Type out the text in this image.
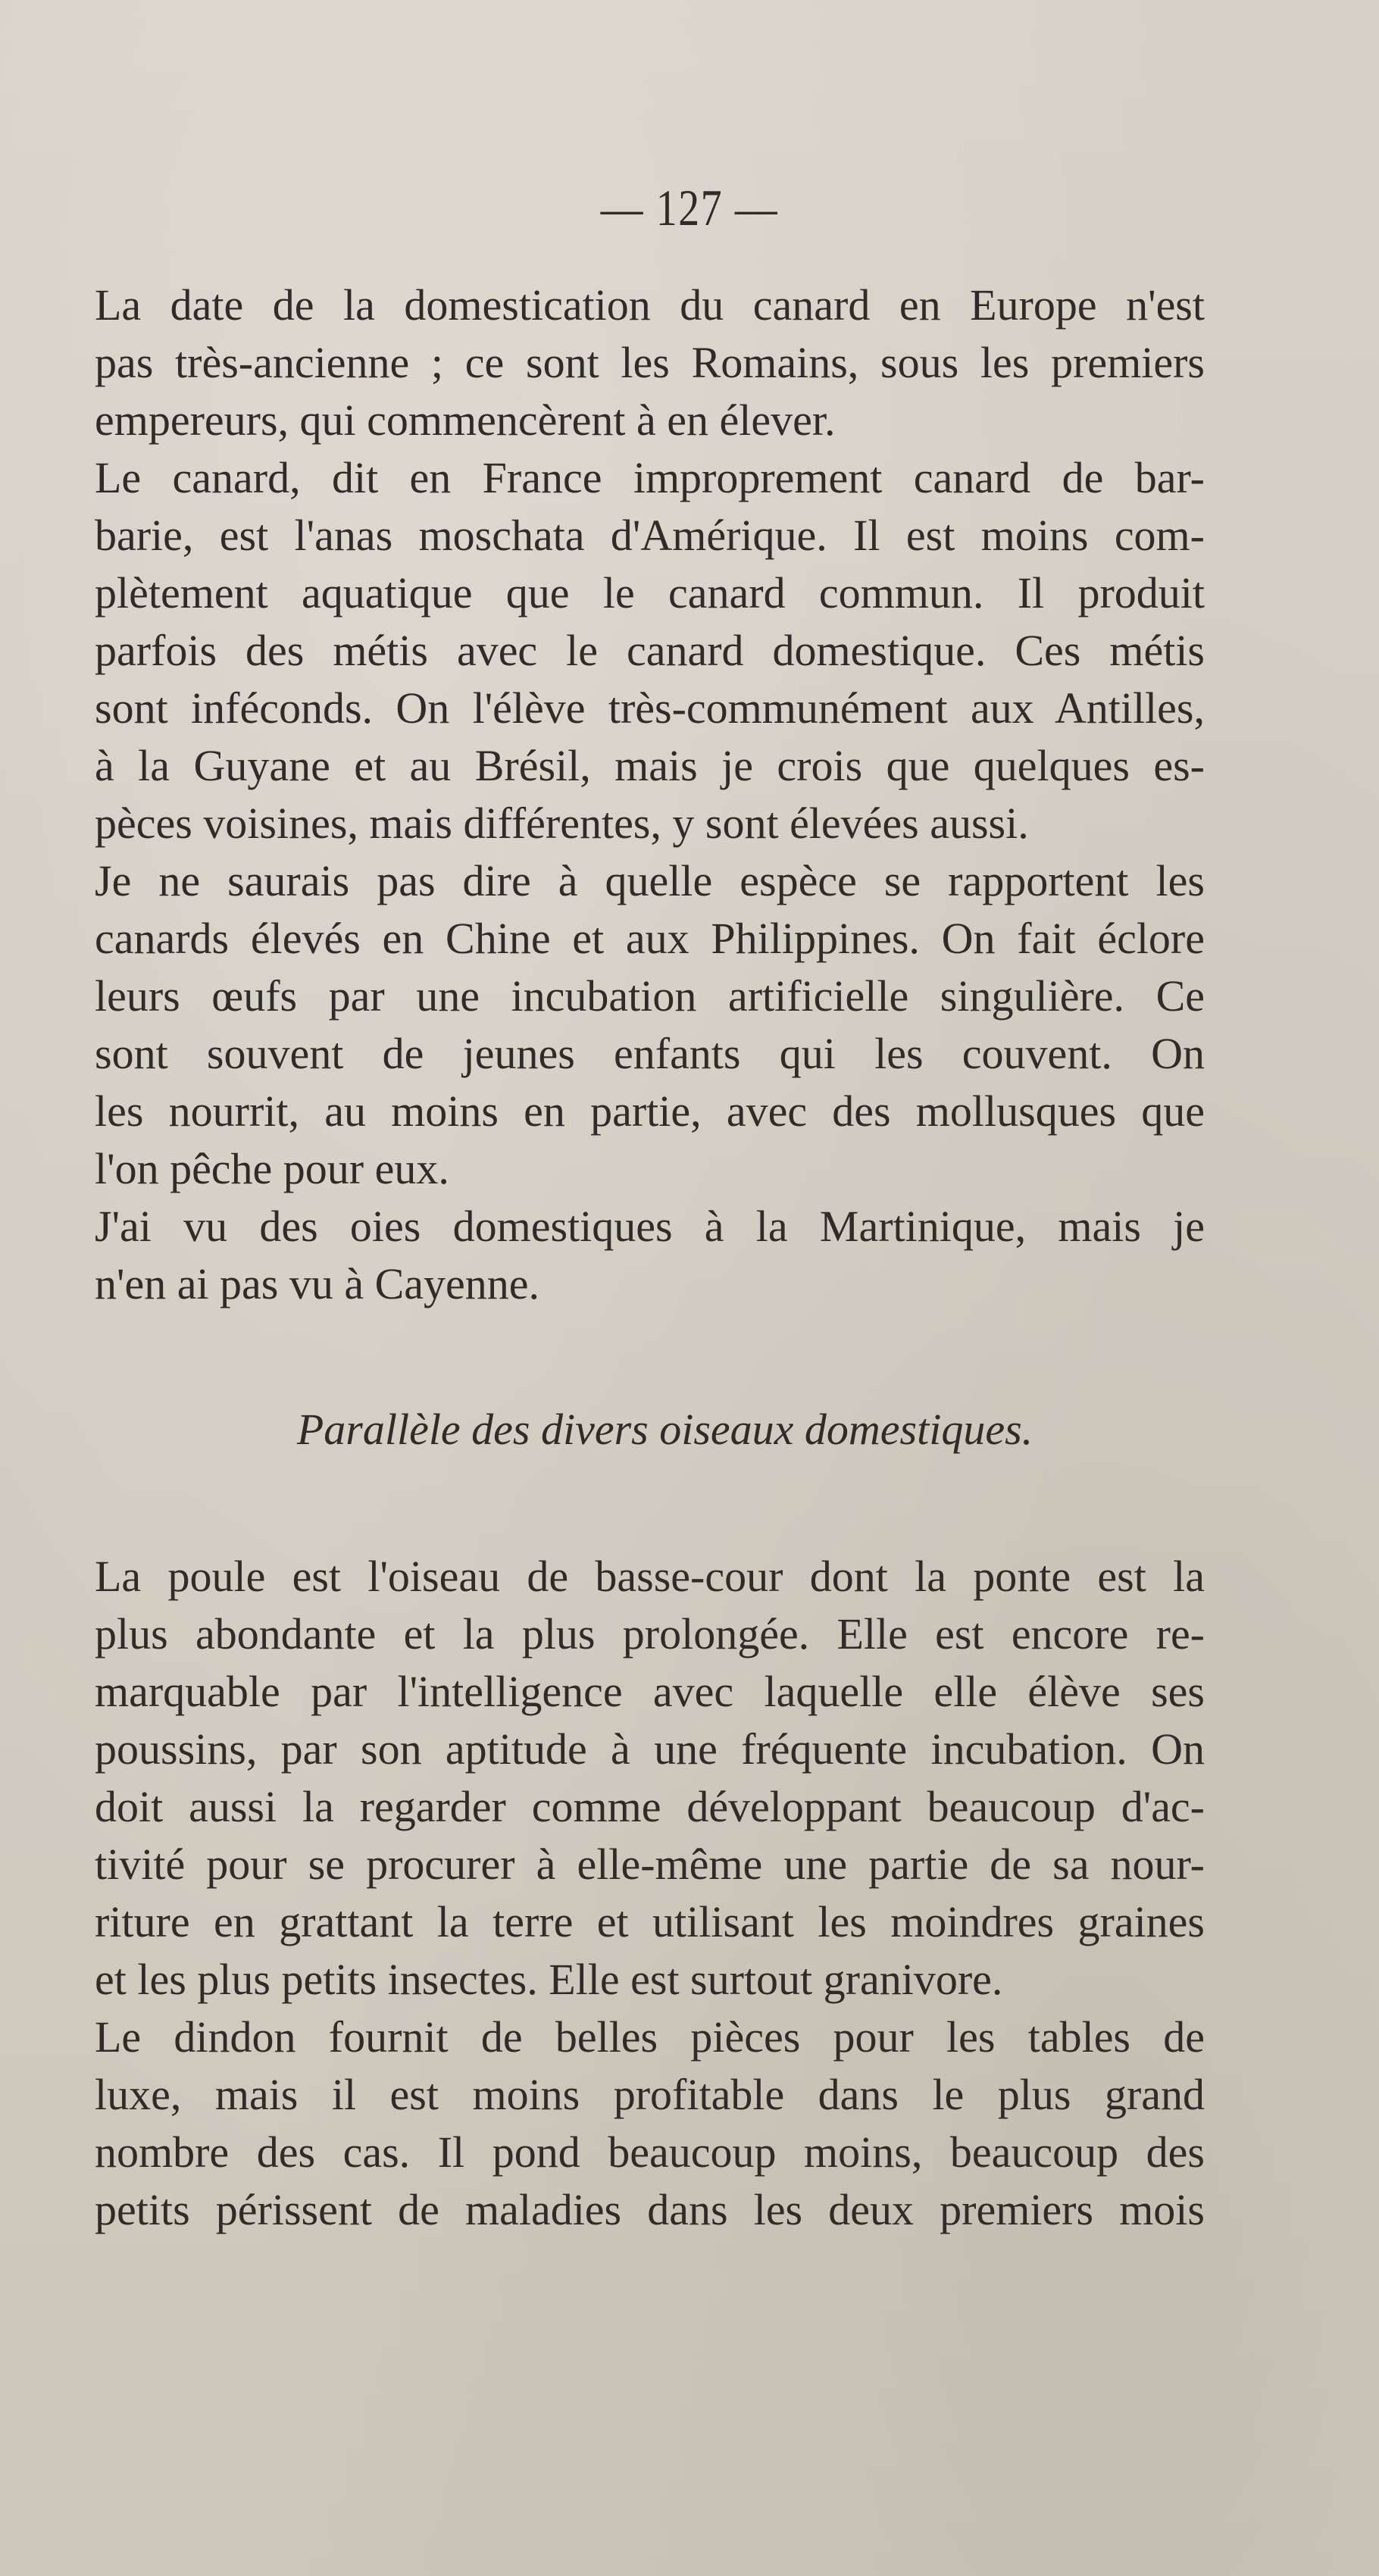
— 127 —
La date de la domestication du canard en Europe n'est
pas très-ancienne ; ce sont les Romains, sous les premiers
empereurs, qui commencèrent à en élever.
Le canard, dit en France improprement canard de bar-
barie, est l'anas moschata d'Amérique. Il est moins com-
plètement aquatique que le canard commun. Il produit
parfois des métis avec le canard domestique. Ces métis
sont inféconds. On l'élève très-communément aux Antilles,
à la Guyane et au Brésil, mais je crois que quelques es-
pèces voisines, mais différentes, y sont élevées aussi.
Je ne saurais pas dire à quelle espèce se rapportent les
canards élevés en Chine et aux Philippines. On fait éclore
leurs œufs par une incubation artificielle singulière. Ce
sont souvent de jeunes enfants qui les couvent. On
les nourrit, au moins en partie, avec des mollusques que
l'on pêche pour eux.
J'ai vu des oies domestiques à la Martinique, mais je
n'en ai pas vu à Cayenne.
Parallèle des divers oiseaux domestiques.
La poule est l'oiseau de basse-cour dont la ponte est la
plus abondante et la plus prolongée. Elle est encore re-
marquable par l'intelligence avec laquelle elle élève ses
poussins, par son aptitude à une fréquente incubation. On
doit aussi la regarder comme développant beaucoup d'ac-
tivité pour se procurer à elle-même une partie de sa nour-
riture en grattant la terre et utilisant les moindres graines
et les plus petits insectes. Elle est surtout granivore.
Le dindon fournit de belles pièces pour les tables de
luxe, mais il est moins profitable dans le plus grand
nombre des cas. Il pond beaucoup moins, beaucoup des
petits périssent de maladies dans les deux premiers mois
